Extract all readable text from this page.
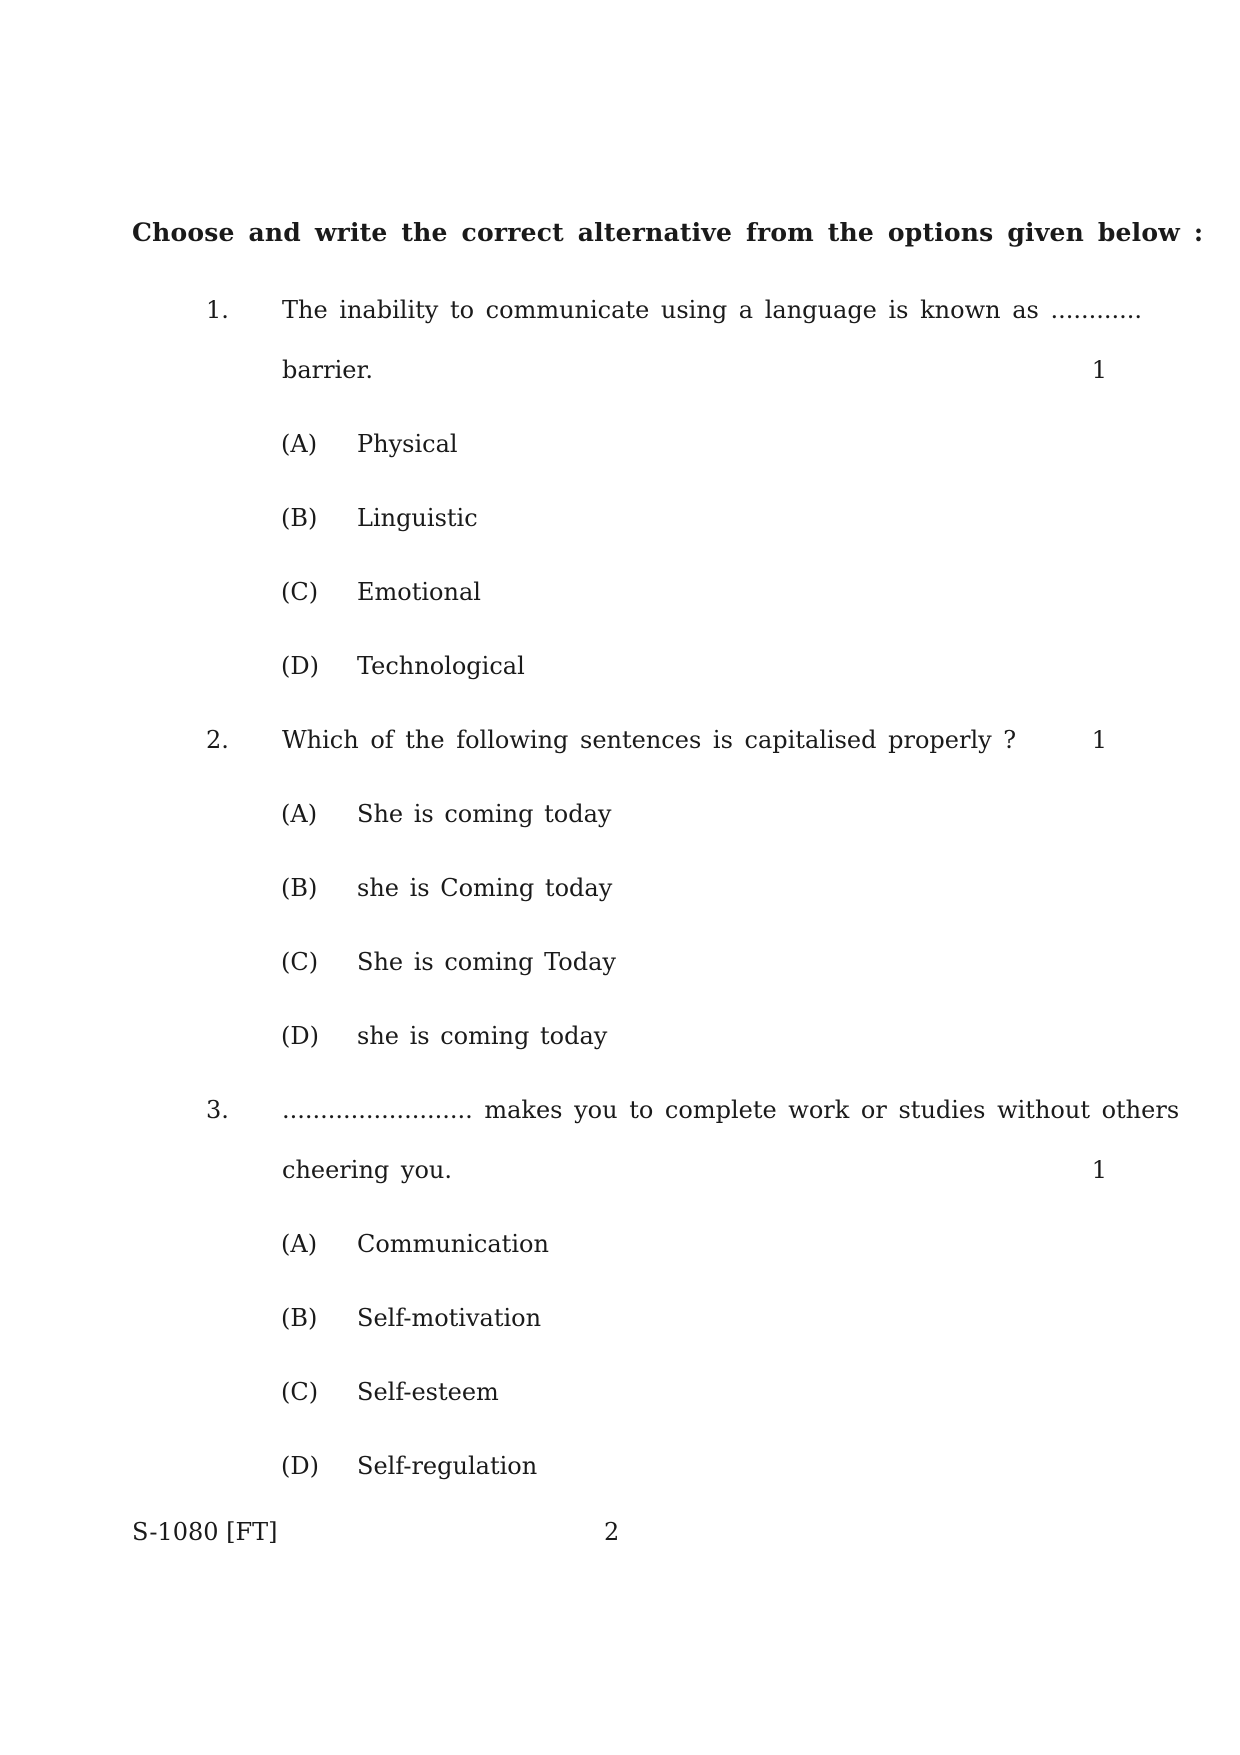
Choose and write the correct alternative from the options given below :
1. The inability to communicate using a language is known as ............
barrier.	1
(A) Physical
(B) Linguistic
(C) Emotional
(D) Technological
2. Which of the following sentences is capitalised properly ?	1
(A) She is coming today
(B) she is Coming today
(C) She is coming Today
(D) she is coming today
3. ......................... makes you to complete work or studies without others
cheering you.	1
(A) Communication
(B) Self-motivation
(C) Self-esteem
(D) Self-regulation
S-1080 [FT]	2
